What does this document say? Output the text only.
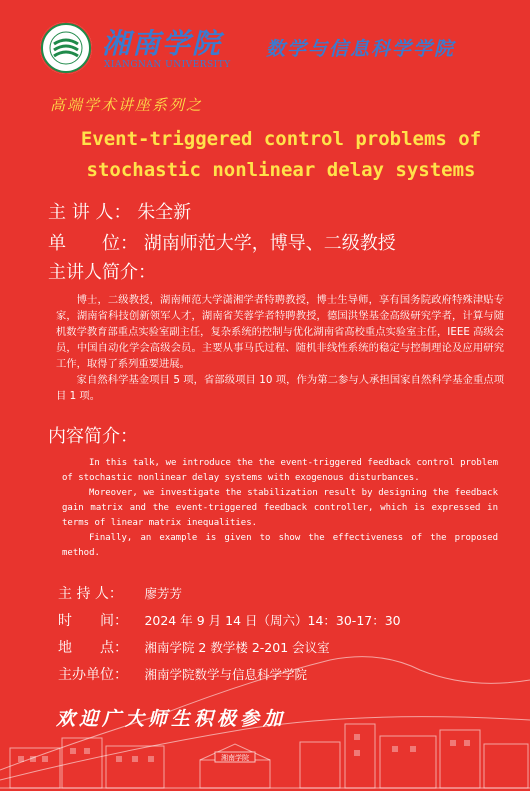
湘南学院
XIANGNAN UNIVERSITY
数学与信息科学学院
高端学术讲座系列之
Event-triggered control problems of
stochastic nonlinear delay systems
主 讲 人： 朱全新
单　　位： 湖南师范大学，博导、二级教授
主讲人简介：
博士，二级教授，湖南师范大学潇湘学者特聘教授，博士生导师，享有国务院政府特殊津贴专家，湖南省科技创新领军人才，湖南省芙蓉学者特聘教授，德国洪堡基金高级研究学者，计算与随机数学教育部重点实验室副主任，复杂系统的控制与优化湖南省高校重点实验室主任，IEEE 高级会员，中国自动化学会高级会员。主要从事马氏过程、随机非线性系统的稳定与控制理论及应用研究工作，取得了系列重要进展。
家自然科学基金项目 5 项，省部级项目 10 项，作为第二参与人承担国家自然科学基金重点项目 1 项。
内容简介：

In this talk, we introduce the the event-triggered feedback control problem of stochastic nonlinear delay systems with exogenous disturbances.

Moreover, we investigate the stabilization result by designing the feedback gain matrix and the event-triggered feedback controller, which is expressed in terms of linear matrix inequalities.

Finally, an example is given to show the effectiveness of the proposed method.

主 持 人： 廖芳芳
时　　间： 2024 年 9 月 14 日（周六）14：30-17：30
地　　点： 湘南学院 2 教学楼 2-201 会议室
主办单位： 湘南学院数学与信息科学学院
湘南学院
欢迎广大师生积极参加
